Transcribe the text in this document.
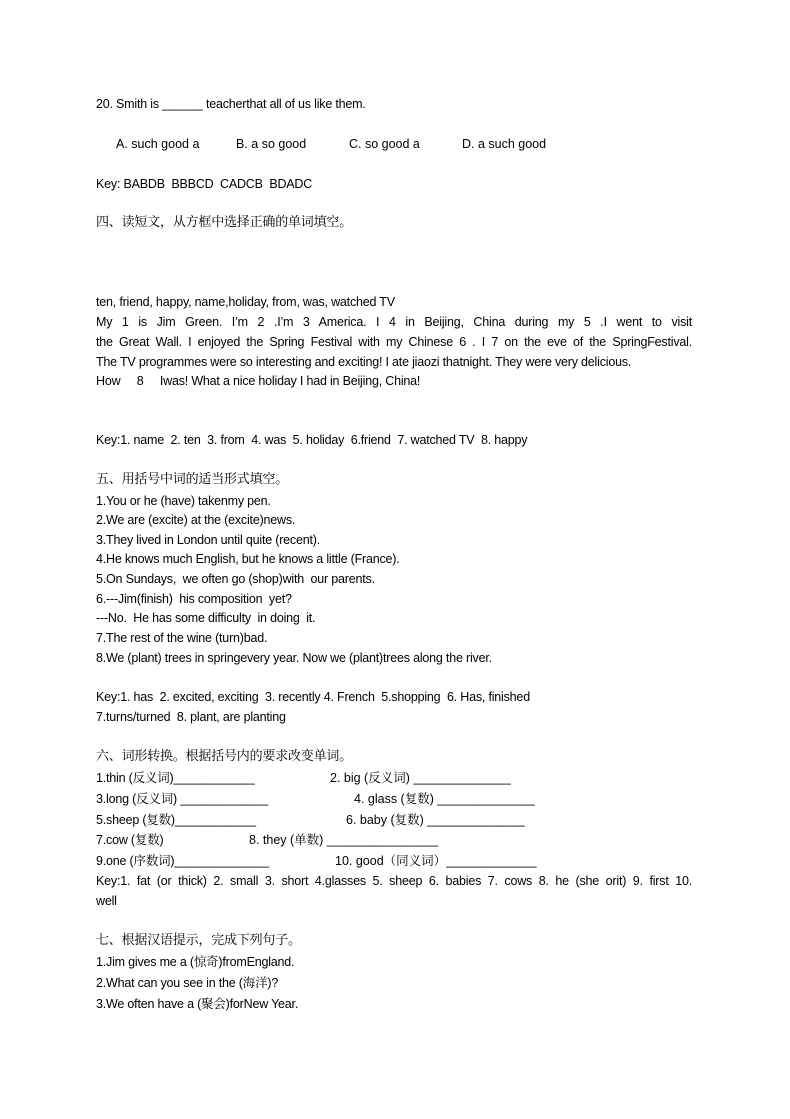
20. Smith is ______ teacherthat all of us like them.
A. such good a	B. a so good	C. so good a	D. a such good
Key: BABDB  BBBCD  CADCB  BDADC
四、读短文，从方框中选择正确的单词填空。
ten, friend, happy, name,holiday, from, was, watched TV
My 1 is Jim Green. I’m 2 .I’m 3 America. I 4 in Beijing, China during my 5 .I went to visit
the Great Wall. I enjoyed the Spring Festival with my Chinese 6 . I 7 on the eve of the SpringFestival.
The TV programmes were so interesting and exciting! I ate jiaozi thatnight. They were very delicious.
How     8     Iwas! What a nice holiday I had in Beijing, China!
Key:1. name  2. ten  3. from  4. was  5. holiday  6.friend  7. watched TV  8. happy
五、用括号中词的适当形式填空。
1.You or he (have) takenmy pen.
2.We are (excite) at the (excite)news.
3.They lived in London until quite (recent).
4.He knows much English, but he knows a little (France).
5.On Sundays,  we often go (shop)with  our parents.
6.---Jim(finish)  his composition  yet?
---No.  He has some difficulty  in doing  it.
7.The rest of the wine (turn)bad.
8.We (plant) trees in springevery year. Now we (plant)trees along the river.
Key:1. has  2. excited, exciting  3. recently 4. French  5.shopping  6. Has, finished
7.turns/turned  8. plant, are planting
六、词形转换。根据括号内的要求改变单词。
1.thin (反义词)____________	2. big (反义词) ______________
3.long (反义词) _____________	4. glass (复数) ______________
5.sheep (复数)____________	6. baby (复数) ______________
7.cow (复数)	8. they (单数) ________________
9.one (序数词)______________	10. good（同义词）_____________
Key:1. fat (or thick) 2. small 3. short 4.glasses 5. sheep 6. babies 7. cows 8. he (she orit) 9. first 10.
well
七、根据汉语提示，完成下列句子。
1.Jim gives me a (惊奇)fromEngland.
2.What can you see in the (海洋)?
3.We often have a (聚会)forNew Year.
